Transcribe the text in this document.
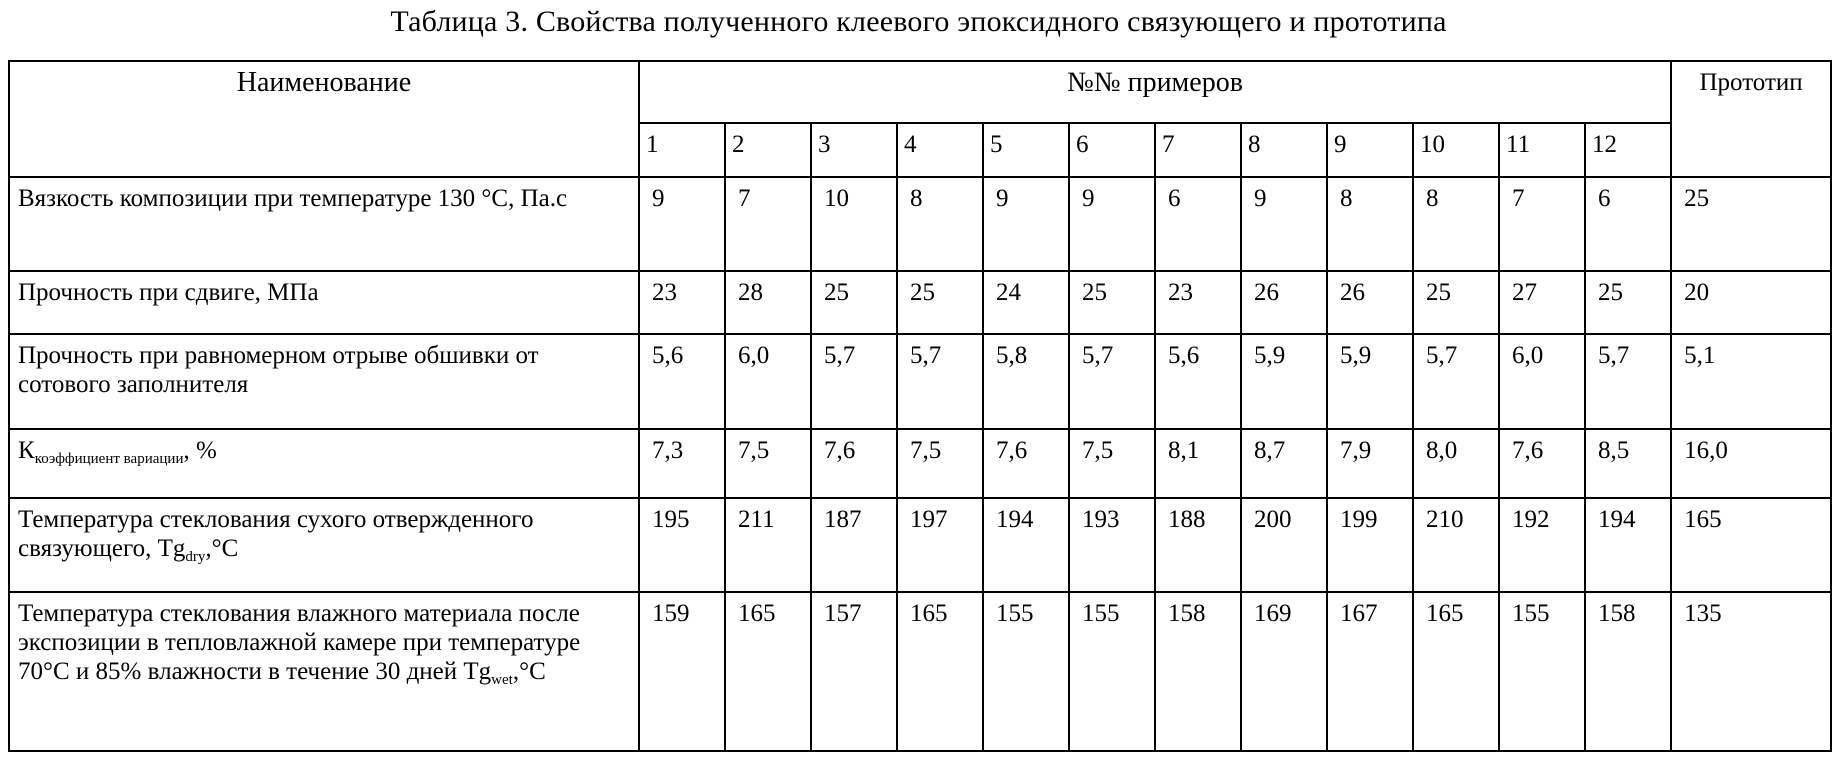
Таблица 3. Свойства полученного клеевого эпоксидного связующего и прототипа
Наименование	№№ примеров												Прототип
	1	2	3	4	5	6	7	8	9	10	11	12	
Вязкость композиции при температуре 130 °С, Па.с	9	7	10	8	9	9	6	9	8	8	7	6	25
Прочность при сдвиге, МПа	23	28	25	25	24	25	23	26	26	25	27	25	20
Прочность при равномерном отрыве обшивки от сотового заполнителя	5,6	6,0	5,7	5,7	5,8	5,7	5,6	5,9	5,9	5,7	6,0	5,7	5,1
$К_{коэффициент вариации}$, %	7,3	7,5	7,6	7,5	7,6	7,5	8,1	8,7	7,9	8,0	7,6	8,5	16,0
Температура стеклования сухого отвержденного связующего, $Tg_{dry},^\circ С$	195	211	187	197	194	193	188	200	199	210	192	194	165
Температура стеклования влажного материала после экспозиции в тепловлажной камере при температуре 70°С и 85% влажности в течение 30 дней $Tg_{wet},^\circ С$	159	165	157	165	155	155	158	169	167	165	155	158	135
